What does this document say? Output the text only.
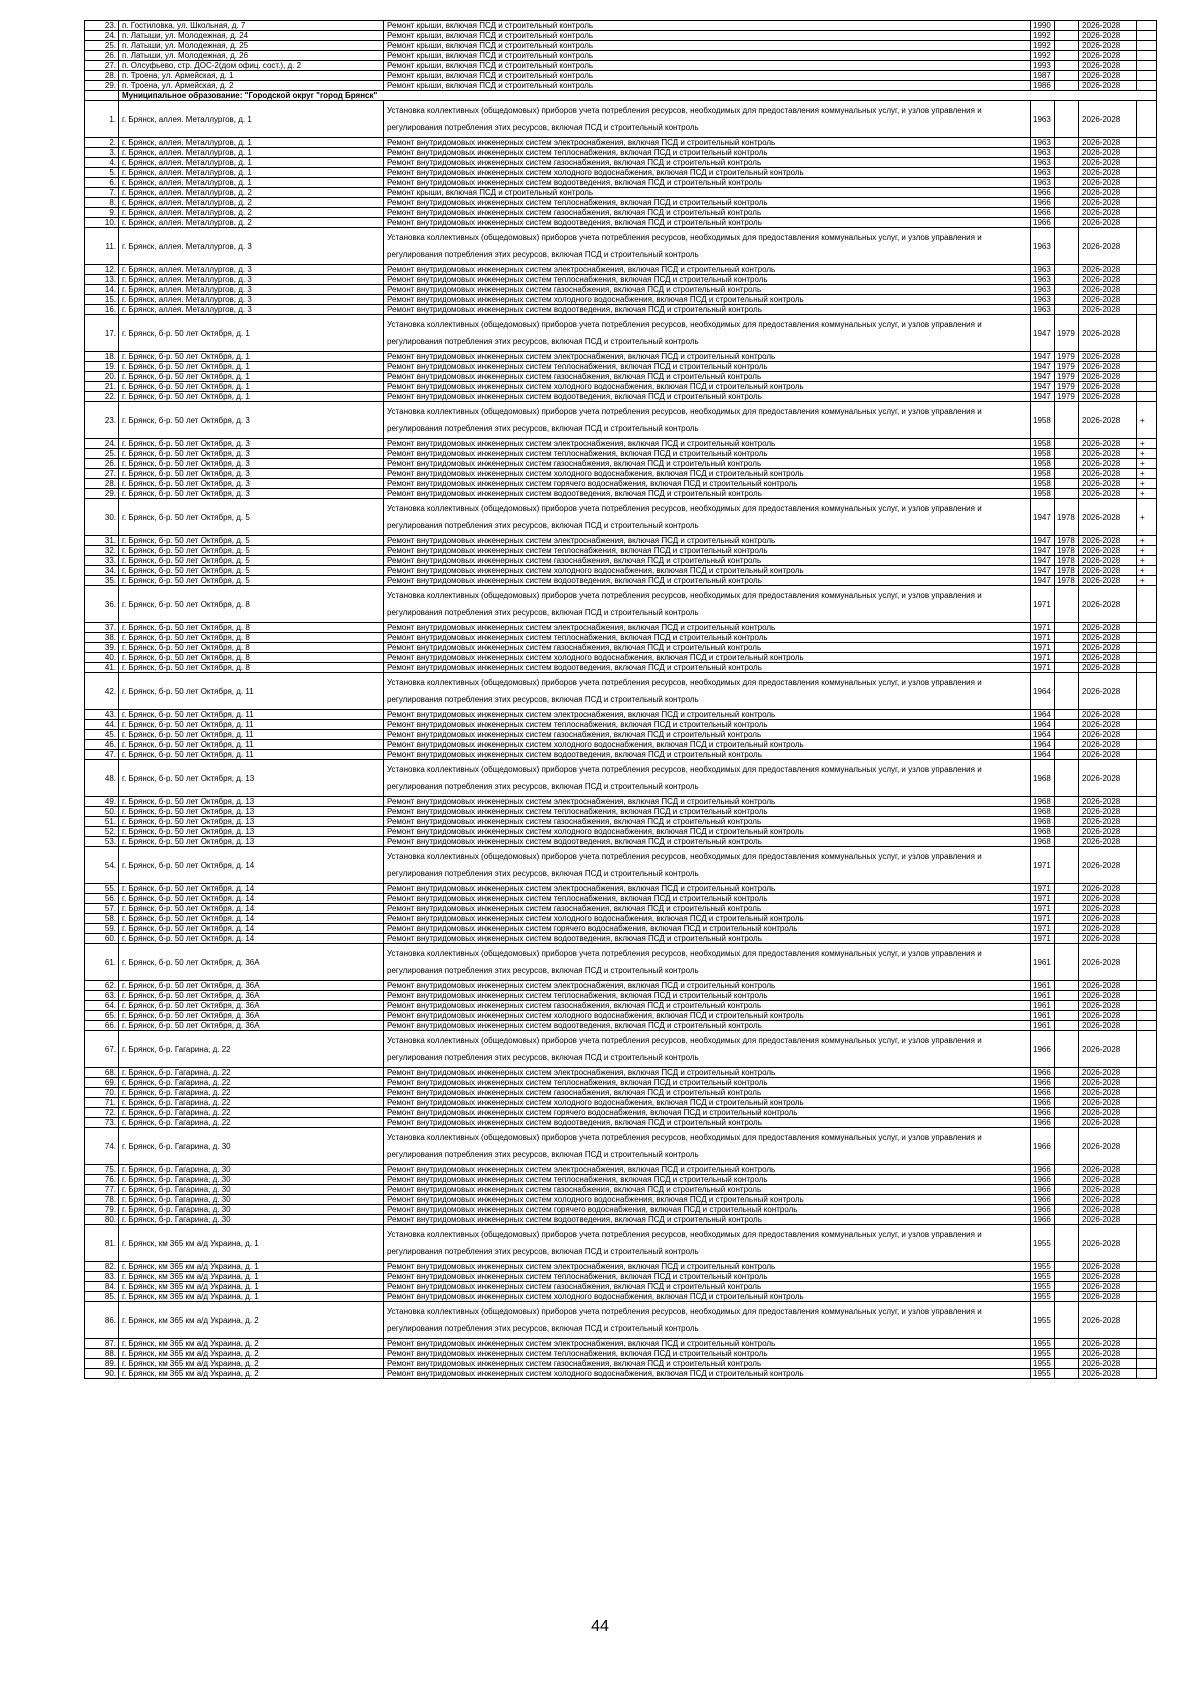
23.	п. Гостиловка, ул. Школьная, д. 7	Ремонт крыши, включая ПСД и строительный контроль	1990		2026-2028	
24.	п. Латыши, ул. Молодежная, д. 24	Ремонт крыши, включая ПСД и строительный контроль	1992		2026-2028	
25.	п. Латыши, ул. Молодежная, д. 25	Ремонт крыши, включая ПСД и строительный контроль	1992		2026-2028	
26.	п. Латыши, ул. Молодежная, д. 26	Ремонт крыши, включая ПСД и строительный контроль	1992		2026-2028	
27.	п. Олсуфьево, стр. ДОС-2(дом офиц. сост.), д. 2	Ремонт крыши, включая ПСД и строительный контроль	1993		2026-2028	
28.	п. Троена, ул. Армейская, д. 1	Ремонт крыши, включая ПСД и строительный контроль	1987		2026-2028	
29.	п. Троена, ул. Армейская, д. 2	Ремонт крыши, включая ПСД и строительный контроль	1986		2026-2028	
	Муниципальное образование: "Городской округ "город Брянск"					
1.	г. Брянск, аллея. Металлургов, д. 1	Установка коллективных (общедомовых) приборов учета потребления ресурсов, необходимых для предоставления коммунальных услуг, и узлов управления и регулирования потребления этих ресурсов, включая ПСД и строительный контроль	1963		2026-2028	
2.	г. Брянск, аллея. Металлургов, д. 1	Ремонт внутридомовых инженерных систем электроснабжения, включая ПСД и строительный контроль	1963		2026-2028	
3.	г. Брянск, аллея. Металлургов, д. 1	Ремонт внутридомовых инженерных систем теплоснабжения, включая ПСД и строительный контроль	1963		2026-2028	
4.	г. Брянск, аллея. Металлургов, д. 1	Ремонт внутридомовых инженерных систем газоснабжения, включая ПСД и строительный контроль	1963		2026-2028	
5.	г. Брянск, аллея. Металлургов, д. 1	Ремонт внутридомовых инженерных систем холодного водоснабжения, включая ПСД и строительный контроль	1963		2026-2028	
6.	г. Брянск, аллея. Металлургов, д. 1	Ремонт внутридомовых инженерных систем водоотведения, включая ПСД и строительный контроль	1963		2026-2028	
7.	г. Брянск, аллея. Металлургов, д. 2	Ремонт крыши, включая ПСД и строительный контроль	1966		2026-2028	
8.	г. Брянск, аллея. Металлургов, д. 2	Ремонт внутридомовых инженерных систем теплоснабжения, включая ПСД и строительный контроль	1966		2026-2028	
9.	г. Брянск, аллея. Металлургов, д. 2	Ремонт внутридомовых инженерных систем газоснабжения, включая ПСД и строительный контроль	1966		2026-2028	
10.	г. Брянск, аллея. Металлургов, д. 2	Ремонт внутридомовых инженерных систем водоотведения, включая ПСД и строительный контроль	1966		2026-2028	
11.	г. Брянск, аллея. Металлургов, д. 3	Установка коллективных (общедомовых) приборов учета потребления ресурсов, необходимых для предоставления коммунальных услуг, и узлов управления и регулирования потребления этих ресурсов, включая ПСД и строительный контроль	1963		2026-2028	
12.	г. Брянск, аллея. Металлургов, д. 3	Ремонт внутридомовых инженерных систем электроснабжения, включая ПСД и строительный контроль	1963		2026-2028	
13.	г. Брянск, аллея. Металлургов, д. 3	Ремонт внутридомовых инженерных систем теплоснабжения, включая ПСД и строительный контроль	1963		2026-2028	
14.	г. Брянск, аллея. Металлургов, д. 3	Ремонт внутридомовых инженерных систем газоснабжения, включая ПСД и строительный контроль	1963		2026-2028	
15.	г. Брянск, аллея. Металлургов, д. 3	Ремонт внутридомовых инженерных систем холодного водоснабжения, включая ПСД и строительный контроль	1963		2026-2028	
16.	г. Брянск, аллея. Металлургов, д. 3	Ремонт внутридомовых инженерных систем водоотведения, включая ПСД и строительный контроль	1963		2026-2028	
17.	г. Брянск, б-р. 50 лет Октября, д. 1	Установка коллективных (общедомовых) приборов учета потребления ресурсов, необходимых для предоставления коммунальных услуг, и узлов управления и регулирования потребления этих ресурсов, включая ПСД и строительный контроль	1947	1979	2026-2028	
18.	г. Брянск, б-р. 50 лет Октября, д. 1	Ремонт внутридомовых инженерных систем электроснабжения, включая ПСД и строительный контроль	1947	1979	2026-2028	
19.	г. Брянск, б-р. 50 лет Октября, д. 1	Ремонт внутридомовых инженерных систем теплоснабжения, включая ПСД и строительный контроль	1947	1979	2026-2028	
20.	г. Брянск, б-р. 50 лет Октября, д. 1	Ремонт внутридомовых инженерных систем газоснабжения, включая ПСД и строительный контроль	1947	1979	2026-2028	
21.	г. Брянск, б-р. 50 лет Октября, д. 1	Ремонт внутридомовых инженерных систем холодного водоснабжения, включая ПСД и строительный контроль	1947	1979	2026-2028	
22.	г. Брянск, б-р. 50 лет Октября, д. 1	Ремонт внутридомовых инженерных систем водоотведения, включая ПСД и строительный контроль	1947	1979	2026-2028	
23.	г. Брянск, б-р. 50 лет Октября, д. 3	Установка коллективных (общедомовых) приборов учета потребления ресурсов, необходимых для предоставления коммунальных услуг, и узлов управления и регулирования потребления этих ресурсов, включая ПСД и строительный контроль	1958		2026-2028	+
24.	г. Брянск, б-р. 50 лет Октября, д. 3	Ремонт внутридомовых инженерных систем электроснабжения, включая ПСД и строительный контроль	1958		2026-2028	+
25.	г. Брянск, б-р. 50 лет Октября, д. 3	Ремонт внутридомовых инженерных систем теплоснабжения, включая ПСД и строительный контроль	1958		2026-2028	+
26.	г. Брянск, б-р. 50 лет Октября, д. 3	Ремонт внутридомовых инженерных систем газоснабжения, включая ПСД и строительный контроль	1958		2026-2028	+
27.	г. Брянск, б-р. 50 лет Октября, д. 3	Ремонт внутридомовых инженерных систем холодного водоснабжения, включая ПСД и строительный контроль	1958		2026-2028	+
28.	г. Брянск, б-р. 50 лет Октября, д. 3	Ремонт внутридомовых инженерных систем горячего водоснабжения, включая ПСД и строительный контроль	1958		2026-2028	+
29.	г. Брянск, б-р. 50 лет Октября, д. 3	Ремонт внутридомовых инженерных систем водоотведения, включая ПСД и строительный контроль	1958		2026-2028	+
30.	г. Брянск, б-р. 50 лет Октября, д. 5	Установка коллективных (общедомовых) приборов учета потребления ресурсов, необходимых для предоставления коммунальных услуг, и узлов управления и регулирования потребления этих ресурсов, включая ПСД и строительный контроль	1947	1978	2026-2028	+
31.	г. Брянск, б-р. 50 лет Октября, д. 5	Ремонт внутридомовых инженерных систем электроснабжения, включая ПСД и строительный контроль	1947	1978	2026-2028	+
32.	г. Брянск, б-р. 50 лет Октября, д. 5	Ремонт внутридомовых инженерных систем теплоснабжения, включая ПСД и строительный контроль	1947	1978	2026-2028	+
33.	г. Брянск, б-р. 50 лет Октября, д. 5	Ремонт внутридомовых инженерных систем газоснабжения, включая ПСД и строительный контроль	1947	1978	2026-2028	+
34.	г. Брянск, б-р. 50 лет Октября, д. 5	Ремонт внутридомовых инженерных систем холодного водоснабжения, включая ПСД и строительный контроль	1947	1978	2026-2028	+
35.	г. Брянск, б-р. 50 лет Октября, д. 5	Ремонт внутридомовых инженерных систем водоотведения, включая ПСД и строительный контроль	1947	1978	2026-2028	+
36.	г. Брянск, б-р. 50 лет Октября, д. 8	Установка коллективных (общедомовых) приборов учета потребления ресурсов, необходимых для предоставления коммунальных услуг, и узлов управления и регулирования потребления этих ресурсов, включая ПСД и строительный контроль	1971		2026-2028	
37.	г. Брянск, б-р. 50 лет Октября, д. 8	Ремонт внутридомовых инженерных систем электроснабжения, включая ПСД и строительный контроль	1971		2026-2028	
38.	г. Брянск, б-р. 50 лет Октября, д. 8	Ремонт внутридомовых инженерных систем теплоснабжения, включая ПСД и строительный контроль	1971		2026-2028	
39.	г. Брянск, б-р. 50 лет Октября, д. 8	Ремонт внутридомовых инженерных систем газоснабжения, включая ПСД и строительный контроль	1971		2026-2028	
40.	г. Брянск, б-р. 50 лет Октября, д. 8	Ремонт внутридомовых инженерных систем холодного водоснабжения, включая ПСД и строительный контроль	1971		2026-2028	
41.	г. Брянск, б-р. 50 лет Октября, д. 8	Ремонт внутридомовых инженерных систем водоотведения, включая ПСД и строительный контроль	1971		2026-2028	
42.	г. Брянск, б-р. 50 лет Октября, д. 11	Установка коллективных (общедомовых) приборов учета потребления ресурсов, необходимых для предоставления коммунальных услуг, и узлов управления и регулирования потребления этих ресурсов, включая ПСД и строительный контроль	1964		2026-2028	
43.	г. Брянск, б-р. 50 лет Октября, д. 11	Ремонт внутридомовых инженерных систем электроснабжения, включая ПСД и строительный контроль	1964		2026-2028	
44.	г. Брянск, б-р. 50 лет Октября, д. 11	Ремонт внутридомовых инженерных систем теплоснабжения, включая ПСД и строительный контроль	1964		2026-2028	
45.	г. Брянск, б-р. 50 лет Октября, д. 11	Ремонт внутридомовых инженерных систем газоснабжения, включая ПСД и строительный контроль	1964		2026-2028	
46.	г. Брянск, б-р. 50 лет Октября, д. 11	Ремонт внутридомовых инженерных систем холодного водоснабжения, включая ПСД и строительный контроль	1964		2026-2028	
47.	г. Брянск, б-р. 50 лет Октября, д. 11	Ремонт внутридомовых инженерных систем водоотведения, включая ПСД и строительный контроль	1964		2026-2028	
48.	г. Брянск, б-р. 50 лет Октября, д. 13	Установка коллективных (общедомовых) приборов учета потребления ресурсов, необходимых для предоставления коммунальных услуг, и узлов управления и регулирования потребления этих ресурсов, включая ПСД и строительный контроль	1968		2026-2028	
49.	г. Брянск, б-р. 50 лет Октября, д. 13	Ремонт внутридомовых инженерных систем электроснабжения, включая ПСД и строительный контроль	1968		2026-2028	
50.	г. Брянск, б-р. 50 лет Октября, д. 13	Ремонт внутридомовых инженерных систем теплоснабжения, включая ПСД и строительный контроль	1968		2026-2028	
51.	г. Брянск, б-р. 50 лет Октября, д. 13	Ремонт внутридомовых инженерных систем газоснабжения, включая ПСД и строительный контроль	1968		2026-2028	
52.	г. Брянск, б-р. 50 лет Октября, д. 13	Ремонт внутридомовых инженерных систем холодного водоснабжения, включая ПСД и строительный контроль	1968		2026-2028	
53.	г. Брянск, б-р. 50 лет Октября, д. 13	Ремонт внутридомовых инженерных систем водоотведения, включая ПСД и строительный контроль	1968		2026-2028	
54.	г. Брянск, б-р. 50 лет Октября, д. 14	Установка коллективных (общедомовых) приборов учета потребления ресурсов, необходимых для предоставления коммунальных услуг, и узлов управления и регулирования потребления этих ресурсов, включая ПСД и строительный контроль	1971		2026-2028	
55.	г. Брянск, б-р. 50 лет Октября, д. 14	Ремонт внутридомовых инженерных систем электроснабжения, включая ПСД и строительный контроль	1971		2026-2028	
56.	г. Брянск, б-р. 50 лет Октября, д. 14	Ремонт внутридомовых инженерных систем теплоснабжения, включая ПСД и строительный контроль	1971		2026-2028	
57.	г. Брянск, б-р. 50 лет Октября, д. 14	Ремонт внутридомовых инженерных систем газоснабжения, включая ПСД и строительный контроль	1971		2026-2028	
58.	г. Брянск, б-р. 50 лет Октября, д. 14	Ремонт внутридомовых инженерных систем холодного водоснабжения, включая ПСД и строительный контроль	1971		2026-2028	
59.	г. Брянск, б-р. 50 лет Октября, д. 14	Ремонт внутридомовых инженерных систем горячего водоснабжения, включая ПСД и строительный контроль	1971		2026-2028	
60.	г. Брянск, б-р. 50 лет Октября, д. 14	Ремонт внутридомовых инженерных систем водоотведения, включая ПСД и строительный контроль	1971		2026-2028	
61.	г. Брянск, б-р. 50 лет Октября, д. 36А	Установка коллективных (общедомовых) приборов учета потребления ресурсов, необходимых для предоставления коммунальных услуг, и узлов управления и регулирования потребления этих ресурсов, включая ПСД и строительный контроль	1961		2026-2028	
62.	г. Брянск, б-р. 50 лет Октября, д. 36А	Ремонт внутридомовых инженерных систем электроснабжения, включая ПСД и строительный контроль	1961		2026-2028	
63.	г. Брянск, б-р. 50 лет Октября, д. 36А	Ремонт внутридомовых инженерных систем теплоснабжения, включая ПСД и строительный контроль	1961		2026-2028	
64.	г. Брянск, б-р. 50 лет Октября, д. 36А	Ремонт внутридомовых инженерных систем газоснабжения, включая ПСД и строительный контроль	1961		2026-2028	
65.	г. Брянск, б-р. 50 лет Октября, д. 36А	Ремонт внутридомовых инженерных систем холодного водоснабжения, включая ПСД и строительный контроль	1961		2026-2028	
66.	г. Брянск, б-р. 50 лет Октября, д. 36А	Ремонт внутридомовых инженерных систем водоотведения, включая ПСД и строительный контроль	1961		2026-2028	
67.	г. Брянск, б-р. Гагарина, д. 22	Установка коллективных (общедомовых) приборов учета потребления ресурсов, необходимых для предоставления коммунальных услуг, и узлов управления и регулирования потребления этих ресурсов, включая ПСД и строительный контроль	1966		2026-2028	
68.	г. Брянск, б-р. Гагарина, д. 22	Ремонт внутридомовых инженерных систем электроснабжения, включая ПСД и строительный контроль	1966		2026-2028	
69.	г. Брянск, б-р. Гагарина, д. 22	Ремонт внутридомовых инженерных систем теплоснабжения, включая ПСД и строительный контроль	1966		2026-2028	
70.	г. Брянск, б-р. Гагарина, д. 22	Ремонт внутридомовых инженерных систем газоснабжения, включая ПСД и строительный контроль	1966		2026-2028	
71.	г. Брянск, б-р. Гагарина, д. 22	Ремонт внутридомовых инженерных систем холодного водоснабжения, включая ПСД и строительный контроль	1966		2026-2028	
72.	г. Брянск, б-р. Гагарина, д. 22	Ремонт внутридомовых инженерных систем горячего водоснабжения, включая ПСД и строительный контроль	1966		2026-2028	
73.	г. Брянск, б-р. Гагарина, д. 22	Ремонт внутридомовых инженерных систем водоотведения, включая ПСД и строительный контроль	1966		2026-2028	
74.	г. Брянск, б-р. Гагарина, д. 30	Установка коллективных (общедомовых) приборов учета потребления ресурсов, необходимых для предоставления коммунальных услуг, и узлов управления и регулирования потребления этих ресурсов, включая ПСД и строительный контроль	1966		2026-2028	
75.	г. Брянск, б-р. Гагарина, д. 30	Ремонт внутридомовых инженерных систем электроснабжения, включая ПСД и строительный контроль	1966		2026-2028	
76.	г. Брянск, б-р. Гагарина, д. 30	Ремонт внутридомовых инженерных систем теплоснабжения, включая ПСД и строительный контроль	1966		2026-2028	
77.	г. Брянск, б-р. Гагарина, д. 30	Ремонт внутридомовых инженерных систем газоснабжения, включая ПСД и строительный контроль	1966		2026-2028	
78.	г. Брянск, б-р. Гагарина, д. 30	Ремонт внутридомовых инженерных систем холодного водоснабжения, включая ПСД и строительный контроль	1966		2026-2028	
79.	г. Брянск, б-р. Гагарина, д. 30	Ремонт внутридомовых инженерных систем горячего водоснабжения, включая ПСД и строительный контроль	1966		2026-2028	
80.	г. Брянск, б-р. Гагарина, д. 30	Ремонт внутридомовых инженерных систем водоотведения, включая ПСД и строительный контроль	1966		2026-2028	
81.	г. Брянск, км 365 км а/д Украина, д. 1	Установка коллективных (общедомовых) приборов учета потребления ресурсов, необходимых для предоставления коммунальных услуг, и узлов управления и регулирования потребления этих ресурсов, включая ПСД и строительный контроль	1955		2026-2028	
82.	г. Брянск, км 365 км а/д Украина, д. 1	Ремонт внутридомовых инженерных систем электроснабжения, включая ПСД и строительный контроль	1955		2026-2028	
83.	г. Брянск, км 365 км а/д Украина, д. 1	Ремонт внутридомовых инженерных систем теплоснабжения, включая ПСД и строительный контроль	1955		2026-2028	
84.	г. Брянск, км 365 км а/д Украина, д. 1	Ремонт внутридомовых инженерных систем газоснабжения, включая ПСД и строительный контроль	1955		2026-2028	
85.	г. Брянск, км 365 км а/д Украина, д. 1	Ремонт внутридомовых инженерных систем холодного водоснабжения, включая ПСД и строительный контроль	1955		2026-2028	
86.	г. Брянск, км 365 км а/д Украина, д. 2	Установка коллективных (общедомовых) приборов учета потребления ресурсов, необходимых для предоставления коммунальных услуг, и узлов управления и регулирования потребления этих ресурсов, включая ПСД и строительный контроль	1955		2026-2028	
87.	г. Брянск, км 365 км а/д Украина, д. 2	Ремонт внутридомовых инженерных систем электроснабжения, включая ПСД и строительный контроль	1955		2026-2028	
88.	г. Брянск, км 365 км а/д Украина, д. 2	Ремонт внутридомовых инженерных систем теплоснабжения, включая ПСД и строительный контроль	1955		2026-2028	
89.	г. Брянск, км 365 км а/д Украина, д. 2	Ремонт внутридомовых инженерных систем газоснабжения, включая ПСД и строительный контроль	1955		2026-2028	
90.	г. Брянск, км 365 км а/д Украина, д. 2	Ремонт внутридомовых инженерных систем холодного водоснабжения, включая ПСД и строительный контроль	1955		2026-2028	
44
